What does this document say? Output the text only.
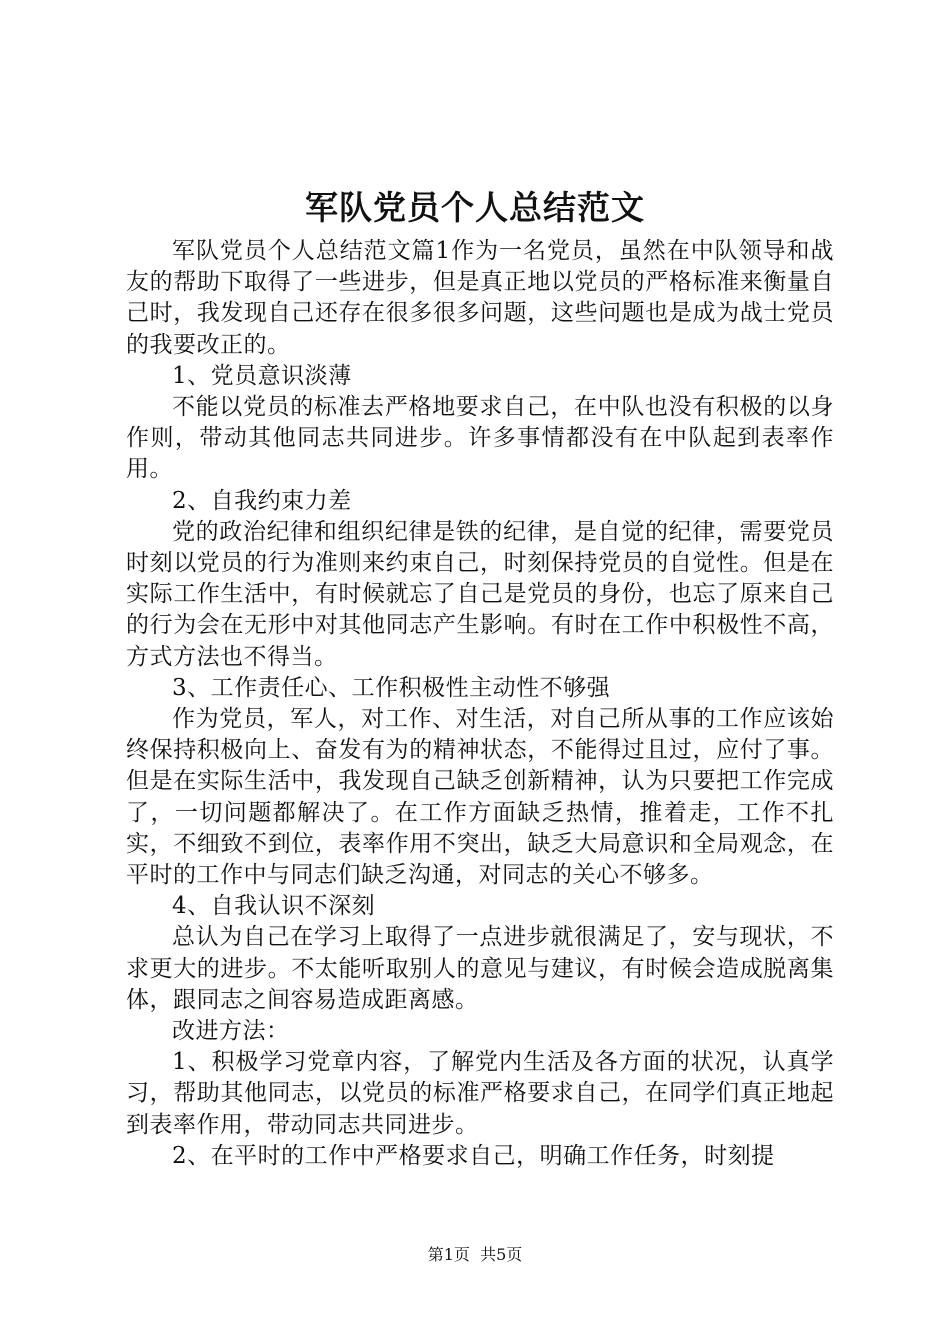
军队党员个人总结范文

军队党员个人总结范文篇1作为一名党员，虽然在中队领导和战友的帮助下取得了一些进步，但是真正地以党员的严格标准来衡量自己时，我发现自己还存在很多很多问题，这些问题也是成为战士党员的我要改正的。

1、党员意识淡薄

不能以党员的标准去严格地要求自己，在中队也没有积极的以身作则，带动其他同志共同进步。许多事情都没有在中队起到表率作用。

2、自我约束力差

党的政治纪律和组织纪律是铁的纪律，是自觉的纪律，需要党员时刻以党员的行为准则来约束自己，时刻保持党员的自觉性。但是在实际工作生活中，有时候就忘了自己是党员的身份，也忘了原来自己的行为会在无形中对其他同志产生影响。有时在工作中积极性不高，方式方法也不得当。

3、工作责任心、工作积极性主动性不够强

作为党员，军人，对工作、对生活，对自己所从事的工作应该始终保持积极向上、奋发有为的精神状态，不能得过且过，应付了事。但是在实际生活中，我发现自己缺乏创新精神，认为只要把工作完成了，一切问题都解决了。在工作方面缺乏热情，推着走，工作不扎实，不细致不到位，表率作用不突出，缺乏大局意识和全局观念，在平时的工作中与同志们缺乏沟通，对同志的关心不够多。

4、自我认识不深刻

总认为自己在学习上取得了一点进步就很满足了，安与现状，不求更大的进步。不太能听取别人的意见与建议，有时候会造成脱离集体，跟同志之间容易造成距离感。

改进方法：

1、积极学习党章内容，了解党内生活及各方面的状况，认真学习，帮助其他同志，以党员的标准严格要求自己，在同学们真正地起到表率作用，带动同志共同进步。

2、在平时的工作中严格要求自己，明确工作任务，时刻提

第1页  共5页
